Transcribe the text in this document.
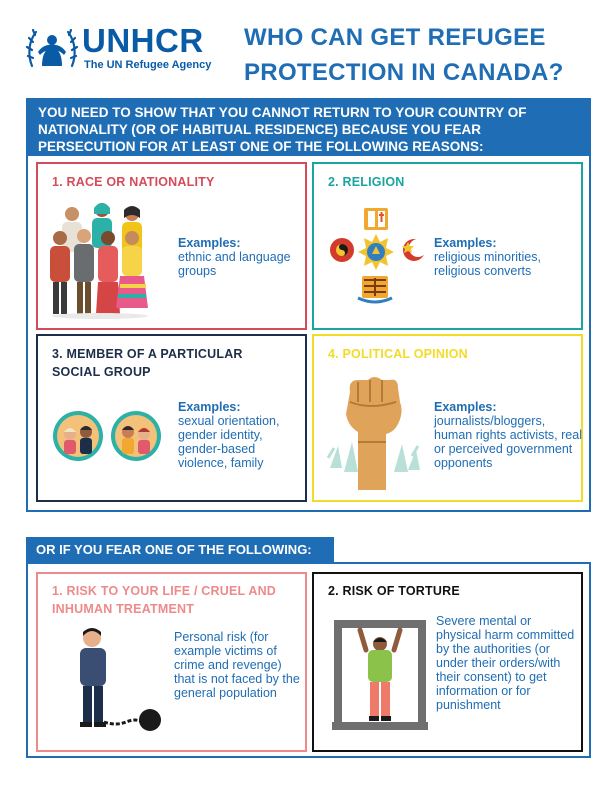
UNHCR
The UN Refugee Agency
WHO CAN GET REFUGEE
PROTECTION IN CANADA?
YOU NEED TO SHOW THAT YOU CANNOT RETURN TO YOUR COUNTRY OF NATIONALITY (OR OF HABITUAL RESIDENCE) BECAUSE YOU FEAR PERSECUTION FOR AT LEAST ONE OF THE FOLLOWING REASONS:
1. RACE OR NATIONALITY
Examples:
ethnic and language groups
2. RELIGION
Examples:
religious minorities, religious converts
3. MEMBER OF A PARTICULAR
SOCIAL GROUP
Examples:
sexual orientation, gender identity, gender-based violence, family
4. POLITICAL OPINION
Examples:
journalists/bloggers, human rights activists, real or perceived government opponents
OR IF YOU FEAR ONE OF THE FOLLOWING:
1. RISK TO YOUR LIFE / CRUEL AND
INHUMAN TREATMENT
Personal risk (for example victims of crime and revenge) that is not faced by the general population
2. RISK OF TORTURE
Severe mental or physical harm committed by the authorities (or under their orders/with their consent) to get information or for punishment
